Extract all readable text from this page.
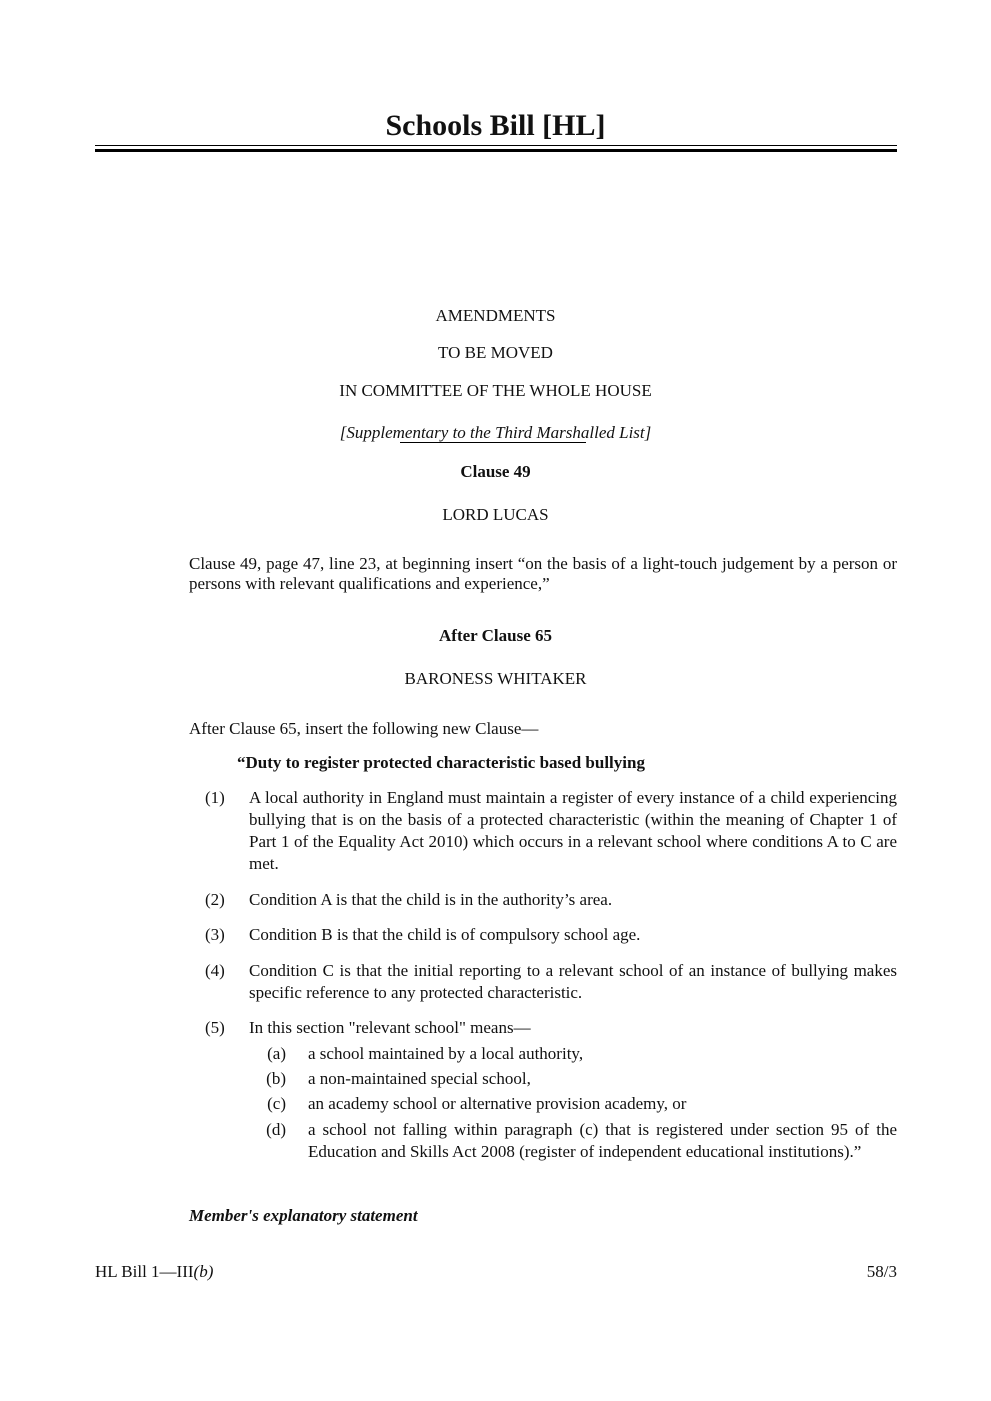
Schools Bill [HL]
AMENDMENTS
TO BE MOVED
IN COMMITTEE OF THE WHOLE HOUSE
[Supplementary to the Third Marshalled List]
Clause 49
LORD LUCAS
Clause 49, page 47, line 23, at beginning insert “on the basis of a light-touch judgement by a person or persons with relevant qualifications and experience,”
After Clause 65
BARONESS WHITAKER
After Clause 65, insert the following new Clause—
“Duty to register protected characteristic based bullying
(1) A local authority in England must maintain a register of every instance of a child experiencing bullying that is on the basis of a protected characteristic (within the meaning of Chapter 1 of Part 1 of the Equality Act 2010) which occurs in a relevant school where conditions A to C are met.
(2) Condition A is that the child is in the authority’s area.
(3) Condition B is that the child is of compulsory school age.
(4) Condition C is that the initial reporting to a relevant school of an instance of bullying makes specific reference to any protected characteristic.
(5) In this section "relevant school" means—
(a) a school maintained by a local authority,
(b) a non-maintained special school,
(c) an academy school or alternative provision academy, or
(d) a school not falling within paragraph (c) that is registered under section 95 of the Education and Skills Act 2008 (register of independent educational institutions).”
Member's explanatory statement
HL Bill 1—III(b)	58/3
